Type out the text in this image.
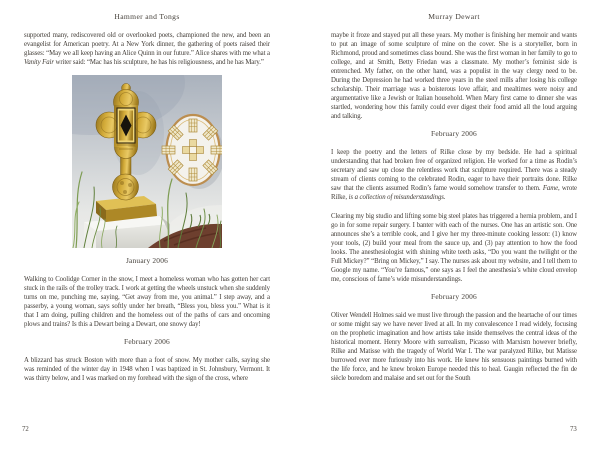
Hammer and Tongs

supported many, rediscovered old or overlooked poets, championed the new, and been an evangelist for American poetry. At a New York dinner, the gathering of poets raised their glasses: “May we all keep having an Alice Quinn in our future.” Alice shares with me what a Vanity Fair writer said: “Mac has his sculpture, he has his religiousness, and he has Mary.”

January 2006

Walking to Coolidge Corner in the snow, I meet a homeless woman who has gotten her cart stuck in the rails of the trolley track. I work at getting the wheels unstuck when she suddenly turns on me, punching me, saying, “Get away from me, you animal.” I step away, and a passerby, a young woman, says softly under her breath, “Bless you, bless you.” What is it that I am doing, pulling children and the homeless out of the paths of cars and oncoming plows and trains? Is this a Dewart being a Dewart, one snowy day!

February 2006

A blizzard has struck Boston with more than a foot of snow. My mother calls, saying she was reminded of the winter day in 1948 when I was baptized in St. Johnsbury, Vermont. It was thirty below, and I was marked on my forehead with the sign of the cross, where

Murray Dewart

maybe it froze and stayed put all these years. My mother is finishing her memoir and wants to put an image of some sculpture of mine on the cover. She is a storyteller, born in Richmond, proud and sometimes class bound. She was the first woman in her family to go to college, and at Smith, Betty Friedan was a classmate. My mother’s feminist side is entrenched. My father, on the other hand, was a populist in the way clergy need to be. During the Depression he had worked three years in the steel mills after losing his college scholarship. Their marriage was a boisterous love affair, and mealtimes were noisy and argumentative like a Jewish or Italian household. When Mary first came to dinner she was startled, wondering how this family could ever digest their food amid all the loud arguing and talking.

February 2006

I keep the poetry and the letters of Rilke close by my bedside. He had a spiritual understanding that had broken free of organized religion. He worked for a time as Rodin’s secretary and saw up close the relentless work that sculpture required. There was a steady stream of clients coming to the celebrated Rodin, eager to have their portraits done. Rilke saw that the clients assumed Rodin’s fame would somehow transfer to them. Fame, wrote Rilke, is a collection of misunderstandings.

Clearing my big studio and lifting some big steel plates has triggered a hernia problem, and I go in for some repair surgery. I banter with each of the nurses. One has an artistic son. One announces she’s a terrible cook, and I give her my three-minute cooking lesson: (1) know your tools, (2) build your meal from the sauce up, and (3) pay attention to how the food looks. The anesthesiologist with shining white teeth asks, “Do you want the twilight or the Full Mickey?” “Bring on Mickey,” I say. The nurses ask about my website, and I tell them to Google my name. “You’re famous,” one says as I feel the anesthesia’s white cloud envelop me, conscious of fame’s wide misunderstandings.

February 2006

Oliver Wendell Holmes said we must live through the passion and the heartache of our times or some might say we have never lived at all. In my convalescence I read widely, focusing on the prophetic imagination and how artists take inside themselves the central ideas of the historical moment. Henry Moore with surrealism, Picasso with Marxism however briefly, Rilke and Matisse with the tragedy of World War I. The war paralyzed Rilke, but Matisse burrowed ever more furiously into his work. He knew his sensuous paintings burned with the life force, and he knew broken Europe needed this to heal. Gaugin reflected the fin de siècle boredom and malaise and set out for the South

72	73
